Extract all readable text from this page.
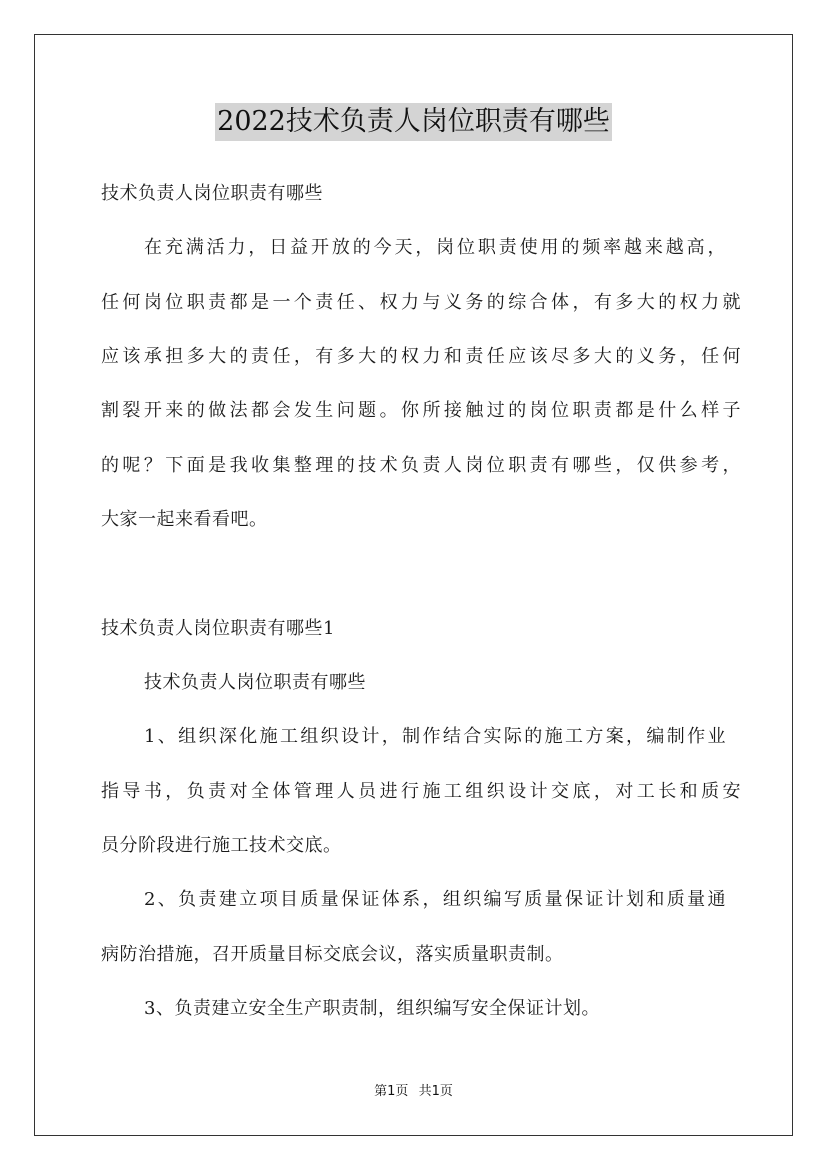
2022技术负责人岗位职责有哪些
技术负责人岗位职责有哪些
在充满活力，日益开放的今天，岗位职责使用的频率越来越高，
任何岗位职责都是一个责任、权力与义务的综合体，有多大的权力就
应该承担多大的责任，有多大的权力和责任应该尽多大的义务，任何
割裂开来的做法都会发生问题。你所接触过的岗位职责都是什么样子
的呢？下面是我收集整理的技术负责人岗位职责有哪些，仅供参考，
大家一起来看看吧。
技术负责人岗位职责有哪些1
技术负责人岗位职责有哪些
1、组织深化施工组织设计，制作结合实际的施工方案，编制作业
指导书，负责对全体管理人员进行施工组织设计交底，对工长和质安
员分阶段进行施工技术交底。
2、负责建立项目质量保证体系，组织编写质量保证计划和质量通
病防治措施，召开质量目标交底会议，落实质量职责制。
3、负责建立安全生产职责制，组织编写安全保证计划。
第1页 共1页
